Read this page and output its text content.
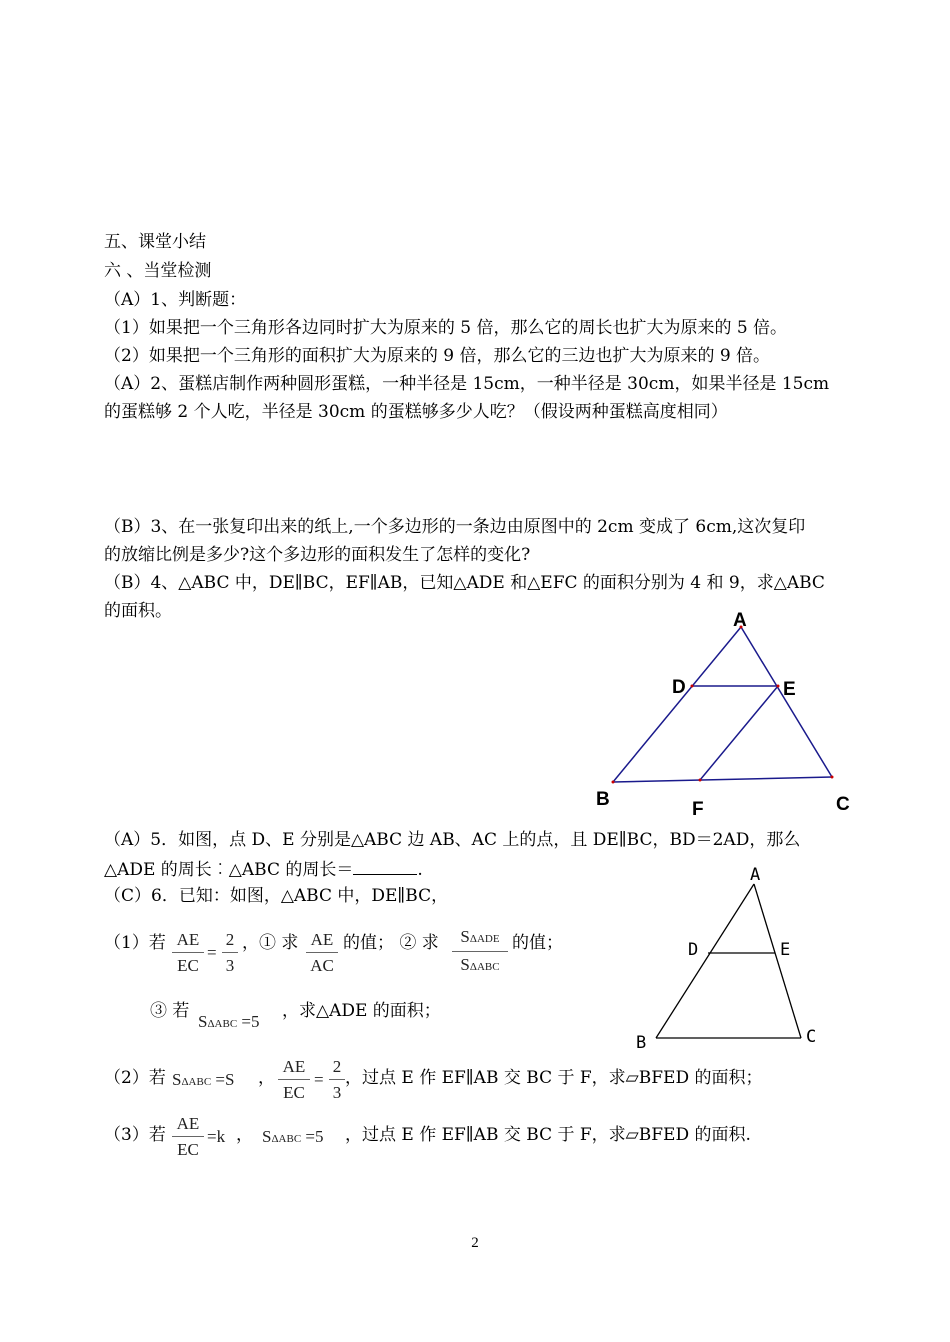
五、课堂小结
六 、当堂检测
（A）1、判断题：
（1）如果把一个三角形各边同时扩大为原来的 5 倍，那么它的周长也扩大为原来的 5 倍。
（2）如果把一个三角形的面积扩大为原来的 9 倍，那么它的三边也扩大为原来的 9 倍。
（A）2、蛋糕店制作两种圆形蛋糕，一种半径是 15cm，一种半径是 30cm，如果半径是 15cm
的蛋糕够 2 个人吃，半径是 30cm 的蛋糕够多少人吃？（假设两种蛋糕高度相同）
（B）3、在一张复印出来的纸上,一个多边形的一条边由原图中的 2cm 变成了 6cm,这次复印
的放缩比例是多少?这个多边形的面积发生了怎样的变化?
（B）4、△ABC 中，DE∥BC，EF∥AB，已知△ADE 和△EFC 的面积分别为 4 和 9，求△ABC
的面积。	A
D	E
B	F	C
（A）5．如图，点 D、E 分别是△ABC 边 AB、AC 上的点，且 DE∥BC，BD＝2AD，那么
△ADE 的周长︰△ABC 的周长＝	.
（C）6．已知：如图，△ABC 中，DE∥BC，
A
D	E
B	C
（1）若 AE
EC
=
2
3
，① 求 AE
AC
的值； ② 求	SΔADE
SΔABC
的值；
③ 若
SΔABC =5
，求△ADE 的面积；
（2）若 SΔABC =S ，
AE
EC
=
2
3
，过点 E 作 EF∥AB 交 BC 于 F，求▱BFED 的面积；
（3）若
AE
EC
=k ， SΔABC =5 ，过点 E 作 EF∥AB 交 BC 于 F，求▱BFED 的面积.
2
